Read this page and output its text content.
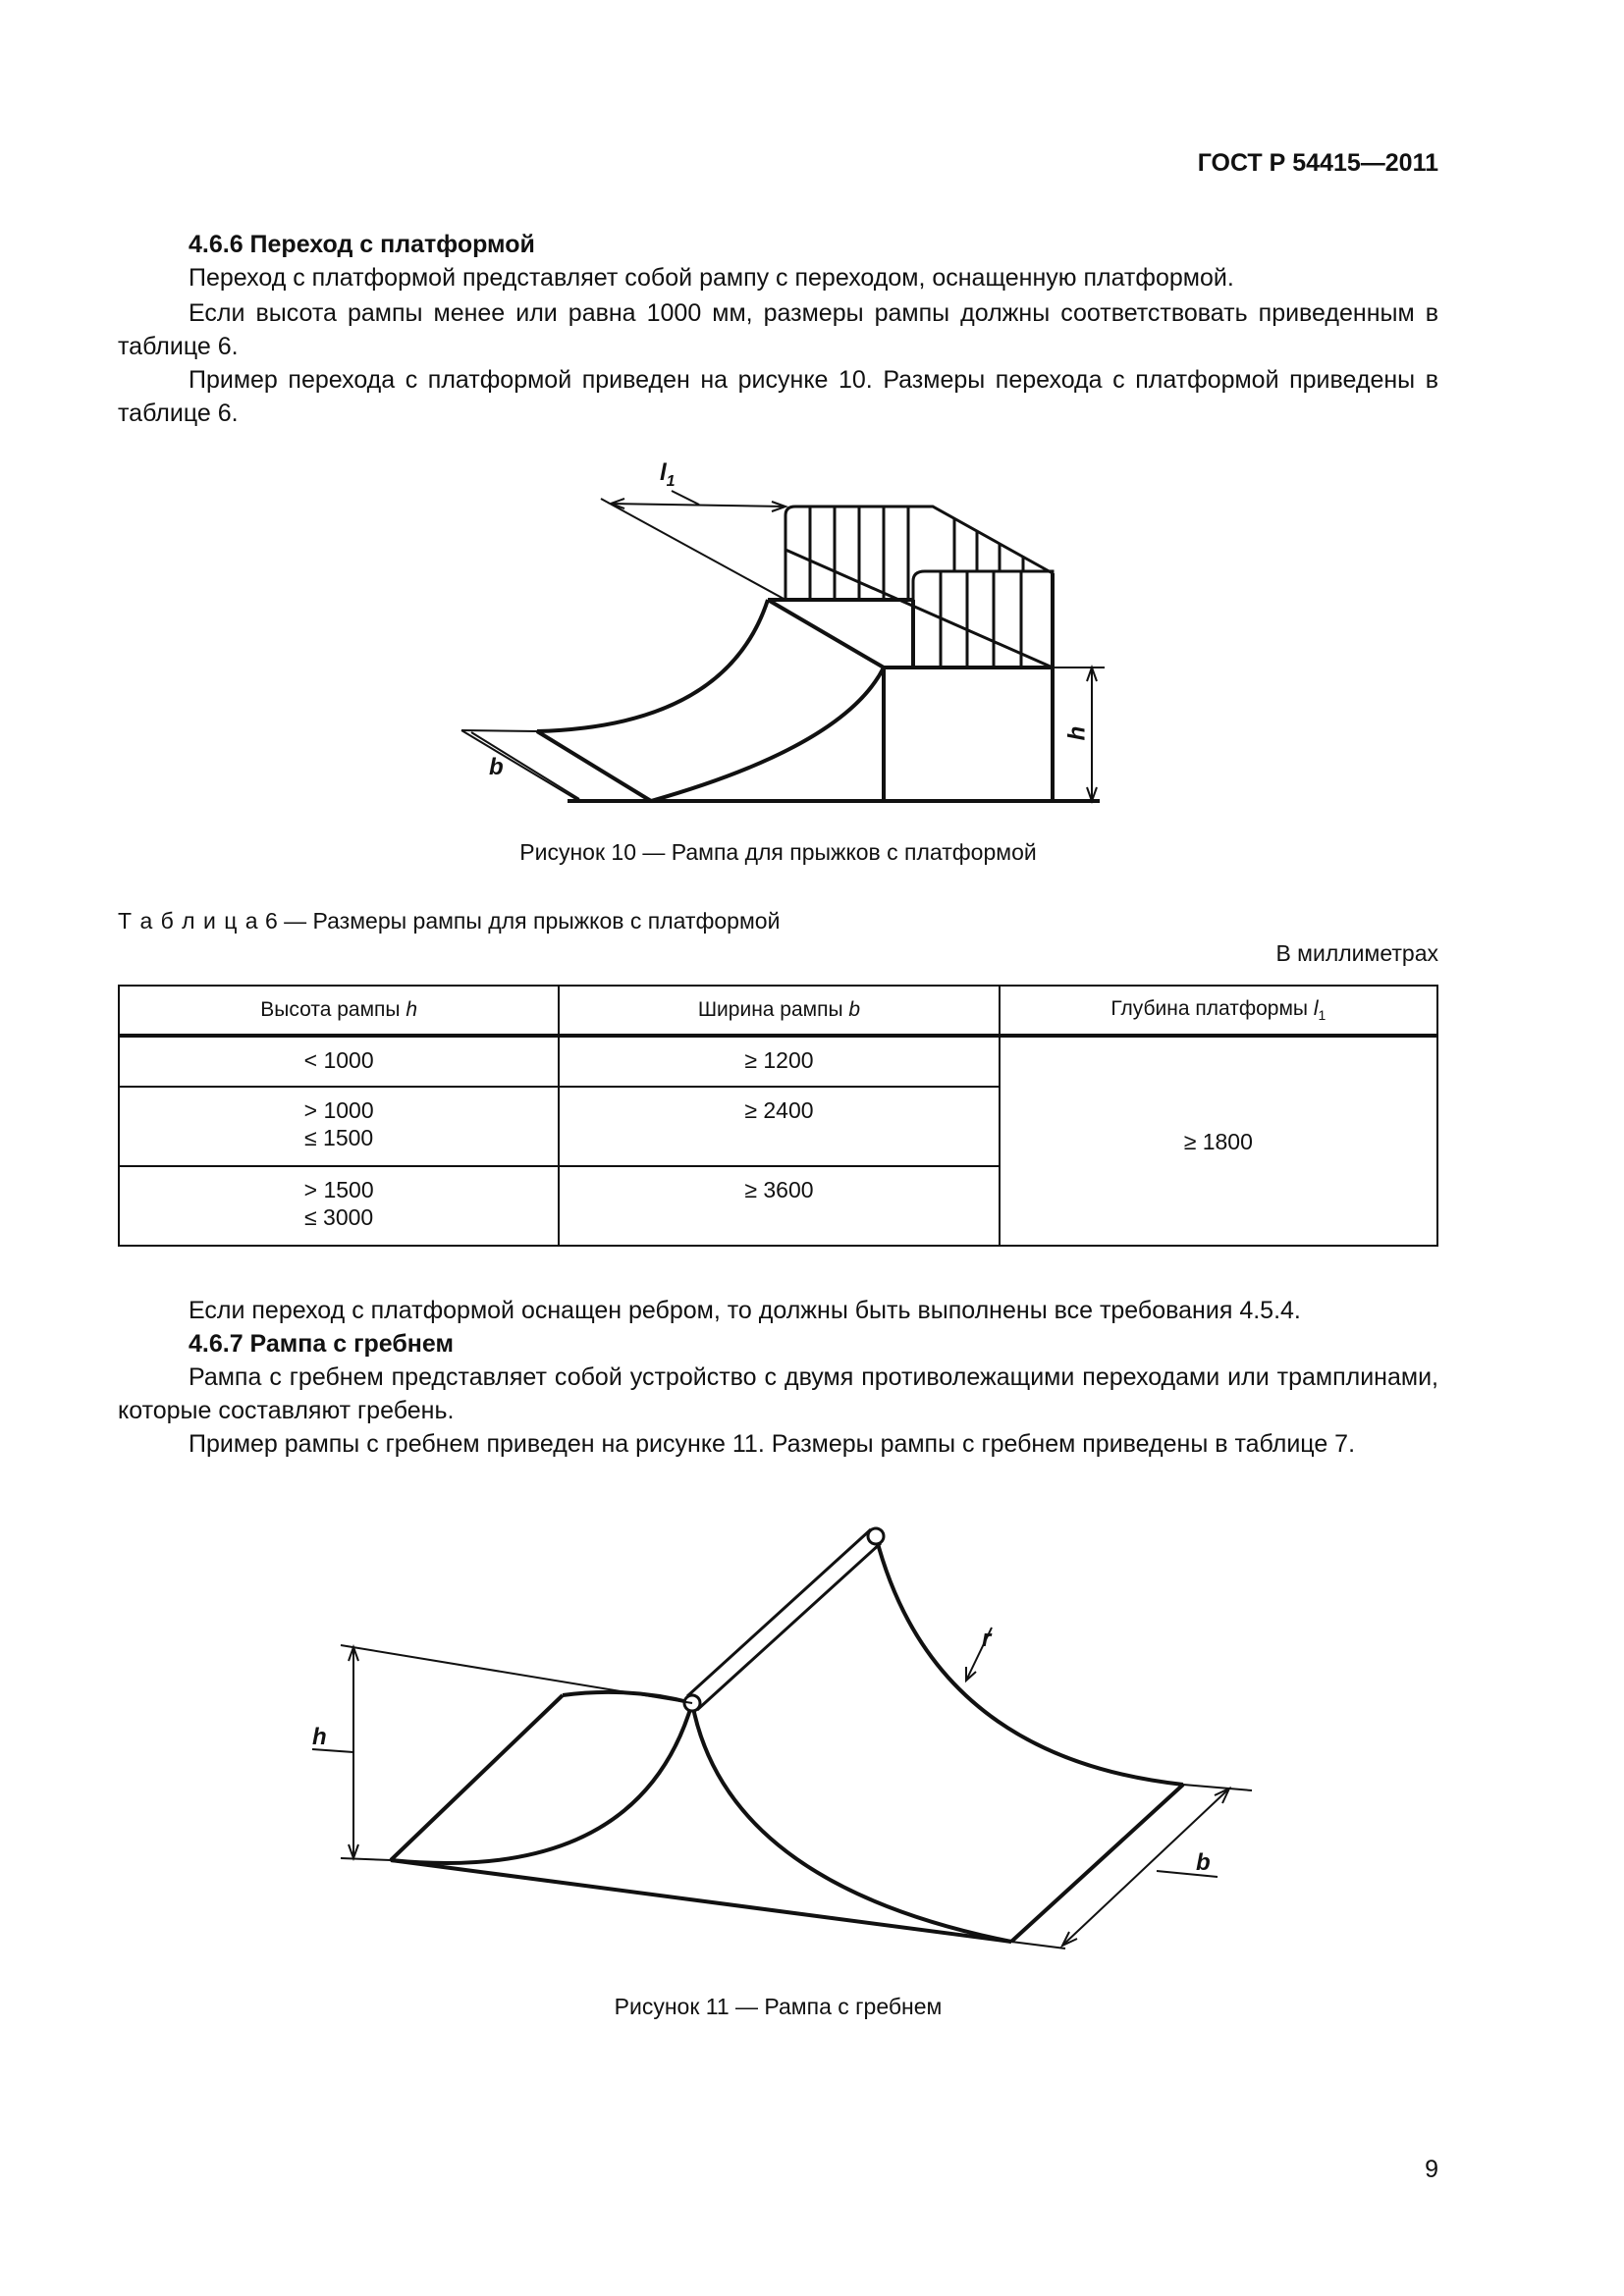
ГОСТ Р 54415—2011
4.6.6 Переход с платформой
Переход с платформой представляет собой рампу с переходом, оснащенную платформой.
Если высота рампы менее или равна 1000 мм, размеры рампы должны соответствовать приведенным в таблице 6.
Пример перехода с платформой приведен на рисунке 10. Размеры перехода с платформой приведены в таблице 6.
$l_1$
b
h
Рисунок 10 — Рампа для прыжков с платформой
Т а б л и ц а 6 — Размеры рампы для прыжков с платформой
В миллиметрах
Высота рампы h	Ширина рампы b	Глубина платформы $l_1$

< 1000	≥ 1200	≥ 1800

> 1000
≤ 1500	≥ 2400	

> 1500
≤ 3000	≥ 3600	
Если переход с платформой оснащен ребром, то должны быть выполнены все требования 4.5.4.
4.6.7 Рампа с гребнем
Рампа с гребнем представляет собой устройство с двумя противолежащими переходами или трамплинами, которые составляют гребень.
Пример рампы с гребнем приведен на рисунке 11. Размеры рампы с гребнем приведены в таблице 7.
h
r
b
Рисунок 11 — Рампа с гребнем
9
